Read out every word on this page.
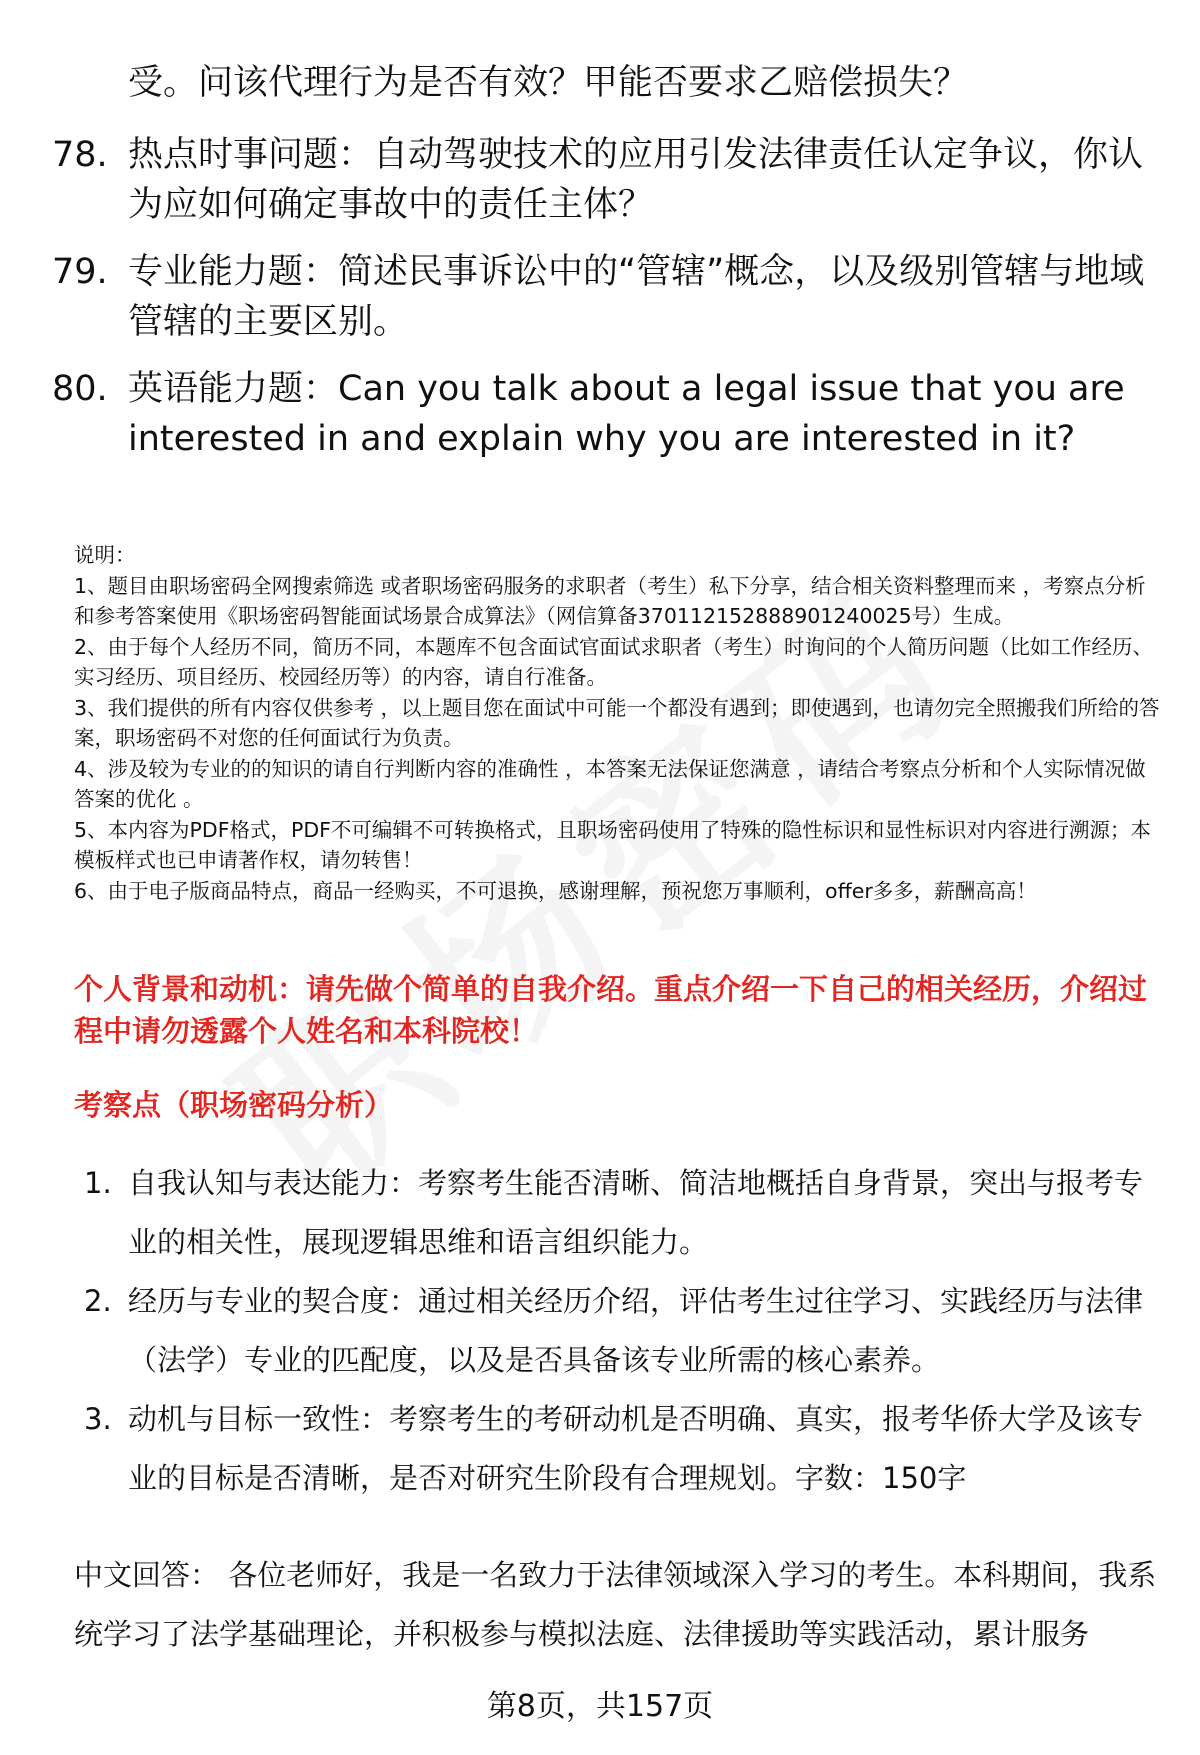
受。问该代理行为是否有效？甲能否要求乙赔偿损失？
78. 热点时事问题：自动驾驶技术的应用引发法律责任认定争议，你认为应如何确定事故中的责任主体？
79. 专业能力题：简述民事诉讼中的“管辖”概念，以及级别管辖与地域管辖的主要区别。
80. 英语能力题：Can you talk about a legal issue that you are interested in and explain why you are interested in it?
说明：
1、题目由职场密码全网搜索筛选 或者职场密码服务的求职者（考生）私下分享，结合相关资料整理而来 ，考察点分析和参考答案使用《职场密码智能面试场景合成算法》（网信算备370112152888901240025号）生成。
2、由于每个人经历不同，简历不同，本题库不包含面试官面试求职者（考生）时询问的个人简历问题（比如工作经历、实习经历、项目经历、校园经历等）的内容，请自行准备。
3、我们提供的所有内容仅供参考 ，以上题目您在面试中可能一个都没有遇到；即使遇到，也请勿完全照搬我们所给的答案，职场密码不对您的任何面试行为负责。
4、涉及较为专业的的知识的请自行判断内容的准确性 ，本答案无法保证您满意 ，请结合考察点分析和个人实际情况做答案的优化 。
5、本内容为PDF格式，PDF不可编辑不可转换格式，且职场密码使用了特殊的隐性标识和显性标识对内容进行溯源；本模板样式也已申请著作权，请勿转售！
6、由于电子版商品特点，商品一经购买，不可退换，感谢理解，预祝您万事顺利，offer多多，薪酬高高！
个人背景和动机：请先做个简单的自我介绍。重点介绍一下自己的相关经历，介绍过程中请勿透露个人姓名和本科院校！
考察点（职场密码分析）
1. 自我认知与表达能力：考察考生能否清晰、简洁地概括自身背景，突出与报考专业的相关性，展现逻辑思维和语言组织能力。
2. 经历与专业的契合度：通过相关经历介绍，评估考生过往学习、实践经历与法律（法学）专业的匹配度，以及是否具备该专业所需的核心素养。
3. 动机与目标一致性：考察考生的考研动机是否明确、真实，报考华侨大学及该专业的目标是否清晰，是否对研究生阶段有合理规划。字数：150字
中文回答： 各位老师好，我是一名致力于法律领域深入学习的考生。本科期间，我系统学习了法学基础理论，并积极参与模拟法庭、法律援助等实践活动，累计服务
第8页，共157页
